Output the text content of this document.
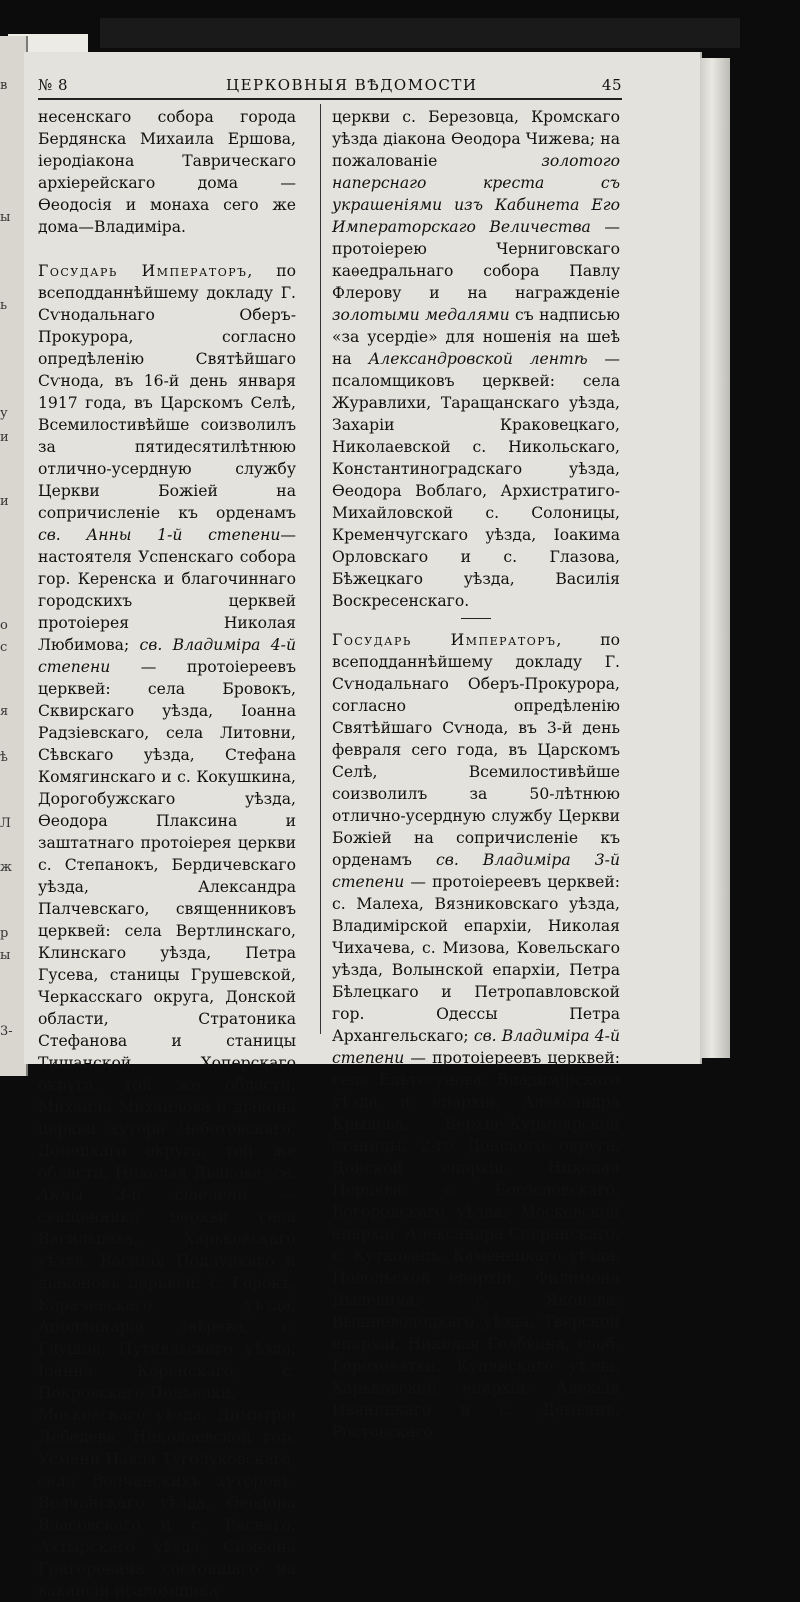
в
ы
ь
у
и
и
о
с
я
ѣ
Л
ж
р
ы
3-
№ 8	ЦЕРКОВНЫЯ ВѢДОМОСТИ	45

несенскаго собора города Бердянска Михаила Ершова, iеродiакона Таврическаго архiерейскаго дома — Ѳеодосiя и монаха сего же дома—Владимiра.

Государь Императоръ, по всеподданнѣйшему докладу Г. Сѵнодальнаго Оберъ-Прокурора, согласно опредѣленiю Святѣйшаго Сѵнода, въ 16-й день января 1917 года, въ Царскомъ Селѣ, Всемилостивѣйше соизволилъ за пятидесятилѣтнюю отлично-усердную службу Церкви Божiей на сопричисленiе къ орденамъ св. Анны 1-й степени—настоятеля Успенскаго собора гор. Керенска и благочиннаго городскихъ церквей протоiерея Николая Любимова; св. Владимiра 4-й степени — протоiереевъ церквей: села Бровокъ, Сквирскаго уѣзда, Iоанна Радзiевскаго, села Литовни, Сѣвскаго уѣзда, Стефана Комягинскаго и с. Кокушкина, Дорогобужскаго уѣзда, Ѳеодора Плаксина и заштатнаго протоiерея церкви с. Степанокъ, Бердичевскаго уѣзда, Александра Палчевскаго, священниковъ церквей: села Вертлинскаго, Клинскаго уѣзда, Петра Гусева, станицы Грушевской, Черкасскаго округа, Донской области, Стратоника Стефанова и станицы Тишанской, Хоперскаго округа, той же области, Михаила Михайлова и дiакона церкви хутора Чеботовскаго, Донецкаго округа, той же области, Николая Дьякова; св. Анны 3-й степени — священника церкви села Васильцева, Харьковскаго уѣзда, Василiя Подлуцкаго и дiаконовъ церквей: с. Горокъ, Карачевскаго уѣзда, Аполлинарiя Звѣрева, с. Глушца, Путивльскаго уѣзда, Iоанна Коренскаго, с. Покровскаго-Подъелки, Московскаго уѣзда, Димитрiя Лебедева, Николаевской гор. Усмани Павла Туголуковскаго, села Волчанскихъ хуторовъ, Волчанскаго уѣзда, Ѳеодора Власовскаго и с. Ряснаго, Ахтырскаго уѣзда, Симеона Григоровича состоящаго на вакансiи псаломщика

церкви с. Березовца, Кромскаго уѣзда дiакона Ѳеодора Чижева; на пожалованiе золотого наперснаго креста съ украшенiями изъ Кабинета Его Императорскаго Величества — протоiерею Черниговскаго каѳедральнаго собора Павлу Флерову и на награжденiе золотыми медалями съ надписью «за усердiе» для ношенiя на шеѣ на Александровской лентѣ — псаломщиковъ церквей: села Журавлихи, Таращанскаго уѣзда, Захарiи Краковецкаго, Николаевской с. Никольскаго, Константиноградскаго уѣзда, Ѳеодора Воблаго, Архистратиго-Михайловской с. Солоницы, Кременчугскаго уѣзда, Iоакима Орловскаго и с. Глазова, Бѣжецкаго уѣзда, Василiя Воскресенскаго.

Государь Императоръ, по всеподданнѣйшему докладу Г. Сѵнодальнаго Оберъ-Прокурора, согласно опредѣленiю Святѣйшаго Сѵнода, въ 3-й день февраля сего года, въ Царскомъ Селѣ, Всемилостивѣйше соизволилъ за 50-лѣтнюю отлично-усердную службу Церкви Божiей на сопричисленiе къ орденамъ св. Владимiра 3-й степени — протоiереевъ церквей: с. Малеха, Вязниковскаго уѣзда, Владимiрской епархiи, Николая Чихачева, с. Мизова, Ковельскаго уѣзда, Волынской епархiи, Петра Бѣлецкаго и Петропавловской гор. Одессы Петра Архангельскаго; св. Владимiра 4-й степени — протоiереевъ церквей: села Ельтесунова, Владимiрскаго уѣзда и епархiи, Александра Крылова, Верхне-Курмоярской станицы, 2-го Донского округа, Донской епархiи, Николая Перцева, с. Богословскаго, Богородскаго уѣзда, Московской епархiи, Александра Сперанскаго, с. Кутковецъ, Каменецкаго уѣзда, Подольской епархiи, Филимона Дыдевича, с. Яконова, Вышневолоцкаго уѣзда, Тверской епархiи, Николая Голбвина, слоб. Гороховатки, Купянскаго уѣзда, Харьковской епархiи, Алексiя Иваницкаго и с. Демьянъ, Ростовскаго
